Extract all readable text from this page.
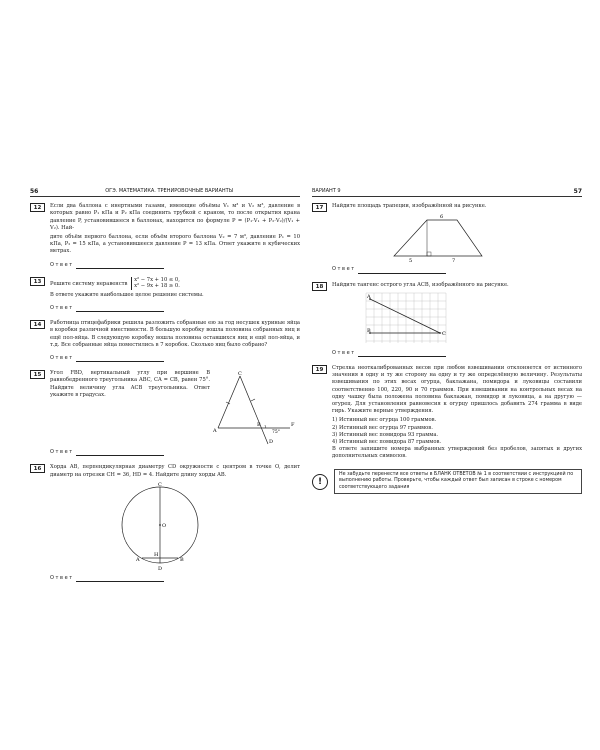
56	ОГЭ. МАТЕМАТИКА. ТРЕНИРОВОЧНЫЕ ВАРИАНТЫ
12	Если два баллона с инертными газами, имеющие объёмы V₁ м³ и V₂ м³, давление в которых равно P₁ кПа и P₂ кПа соединить трубкой с краном, то после открытия крана давление P, установившееся в баллонах, находится по формуле P = (P₁·V₁ + P₂·V₂)/(V₁ + V₂). Най-

дите объём первого баллона, если объём второго баллона V₂ = 7 м³, давление P₁ = 10 кПа, P₂ = 15 кПа, а установившееся давление P = 13 кПа. Ответ укажите в кубических метрах.

О т в е т
13	Решите систему неравенств x² − 7x + 10 ≤ 0,
x² − 9x + 18 ≥ 0.

В ответе укажите наибольшее целое решение системы.

О т в е т
14	Работница птицефабрики решила разложить собранные ею за год несушек куриные яйца в коробки различной вместимости. В большую коробку вошла половина собранных яиц и ещё пол-яйца. В следующую коробку вошла половина оставшихся яиц и ещё пол-яйца, и т.д. Все собранные яйца поместились в 7 коробок. Сколько яиц было собрано?

О т в е т
15	Угол FBD, вертикальный углу при вершине B равнобедренного треугольника ABC, CA = CB, равен 75°. Найдите величину угла ACB треугольника. Ответ укажите в градусах.

C
A
B
D
F
75°
О т в е т
16	Хорда AB, перпендикулярная диаметру CD окружности с центром в точке O, делит диаметр на отрезки CH = 36, HD = 4. Найдите длину хорды AB.

C
O
H
A	B
D
О т в е т
ВАРИАНТ 9	57
17	Найдите площадь трапеции, изображённой на рисунке.

6
5	7
О т в е т
18	Найдите тангенс острого угла ACB, изображённого на рисунке.

A
B	C
О т в е т
19	Стрелка неоткалиброванных весов при любом взвешивании отклоняется от истинного значения в одну и ту же сторону на одну и ту же определённую величину. Результаты взвешивания по этих весах огурца, баклажана, помидора и луковицы составили соответственно 100, 220, 90 и 70 граммов. При взвешивании на контрольных весах на одну чашку была положена половина баклажан, помидор и луковица, а на другую — огурец. Для установления равновесия к огурцу пришлось добавить 274 грамма в виде гирь. Укажите верные утверждения.

1) Истинный вес огурца 100 граммов.

2) Истинный вес огурца 97 граммов.

3) Истинный вес помидора 93 грамма.

4) Истинный вес помидора 87 граммов.

В ответе запишите номера выбранных утверждений без пробелов, запятых и других дополнительных символов.

!
Не забудьте перенести все ответы в БЛАНК ОТВЕТОВ № 1 в соответствии с инструкцией по выполнению работы. Проверьте, чтобы каждый ответ был записан в строке с номером соответствующего задания
